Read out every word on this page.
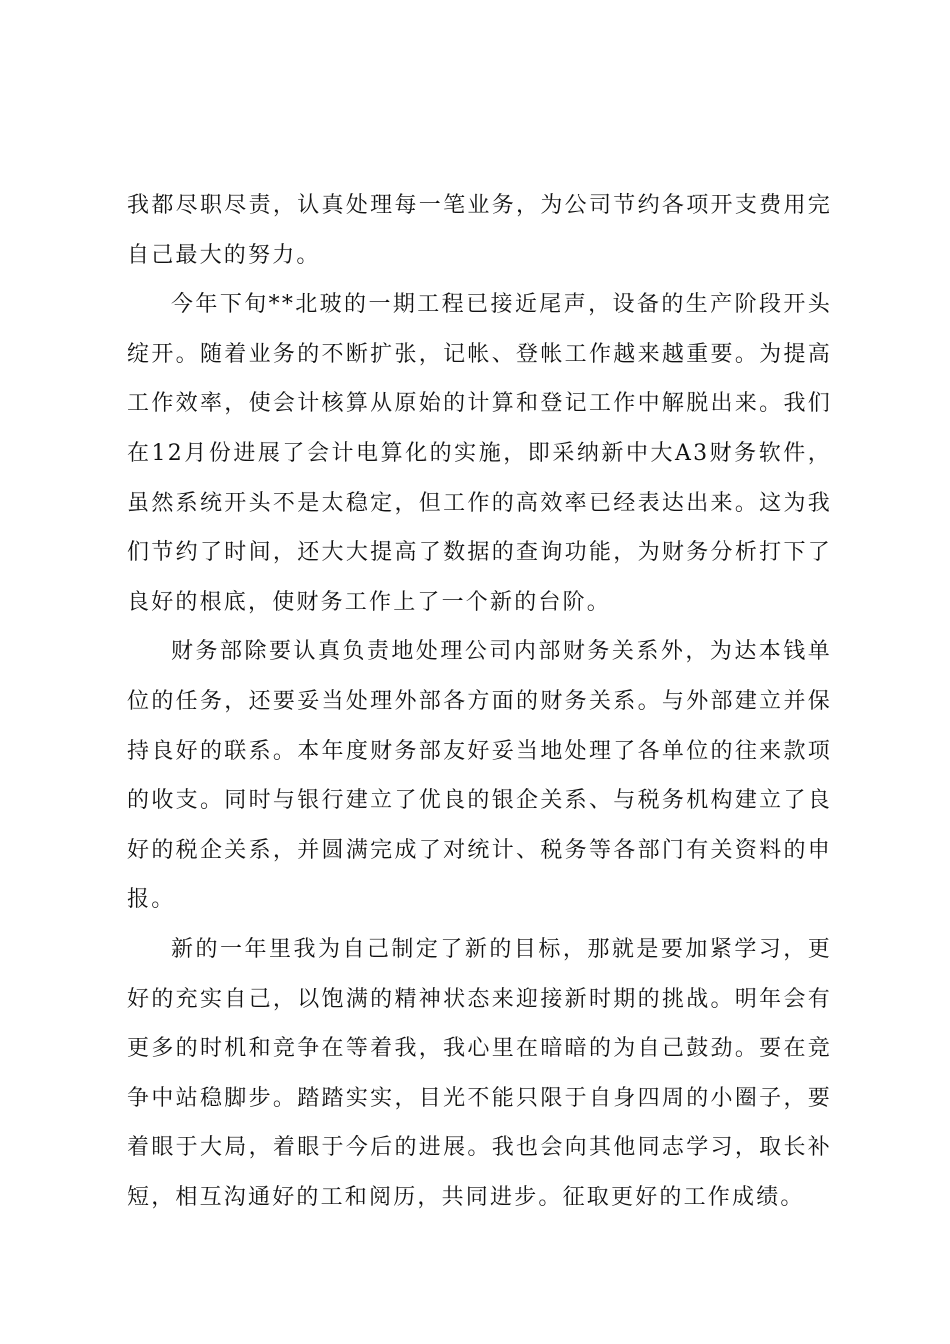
我都尽职尽责，认真处理每一笔业务，为公司节约各项开支费用完自己最大的努力。

今年下旬**北玻的一期工程已接近尾声，设备的生产阶段开头绽开。随着业务的不断扩张，记帐、登帐工作越来越重要。为提高工作效率，使会计核算从原始的计算和登记工作中解脱出来。我们在12月份进展了会计电算化的实施，即采纳新中大A3财务软件，虽然系统开头不是太稳定，但工作的高效率已经表达出来。这为我们节约了时间，还大大提高了数据的查询功能，为财务分析打下了良好的根底，使财务工作上了一个新的台阶。

财务部除要认真负责地处理公司内部财务关系外，为达本钱单位的任务，还要妥当处理外部各方面的财务关系。与外部建立并保持良好的联系。本年度财务部友好妥当地处理了各单位的往来款项的收支。同时与银行建立了优良的银企关系、与税务机构建立了良好的税企关系，并圆满完成了对统计、税务等各部门有关资料的申报。

新的一年里我为自己制定了新的目标，那就是要加紧学习，更好的充实自己，以饱满的精神状态来迎接新时期的挑战。明年会有更多的时机和竞争在等着我，我心里在暗暗的为自己鼓劲。要在竞争中站稳脚步。踏踏实实，目光不能只限于自身四周的小圈子，要着眼于大局，着眼于今后的进展。我也会向其他同志学习，取长补短，相互沟通好的工和阅历，共同进步。征取更好的工作成绩。
